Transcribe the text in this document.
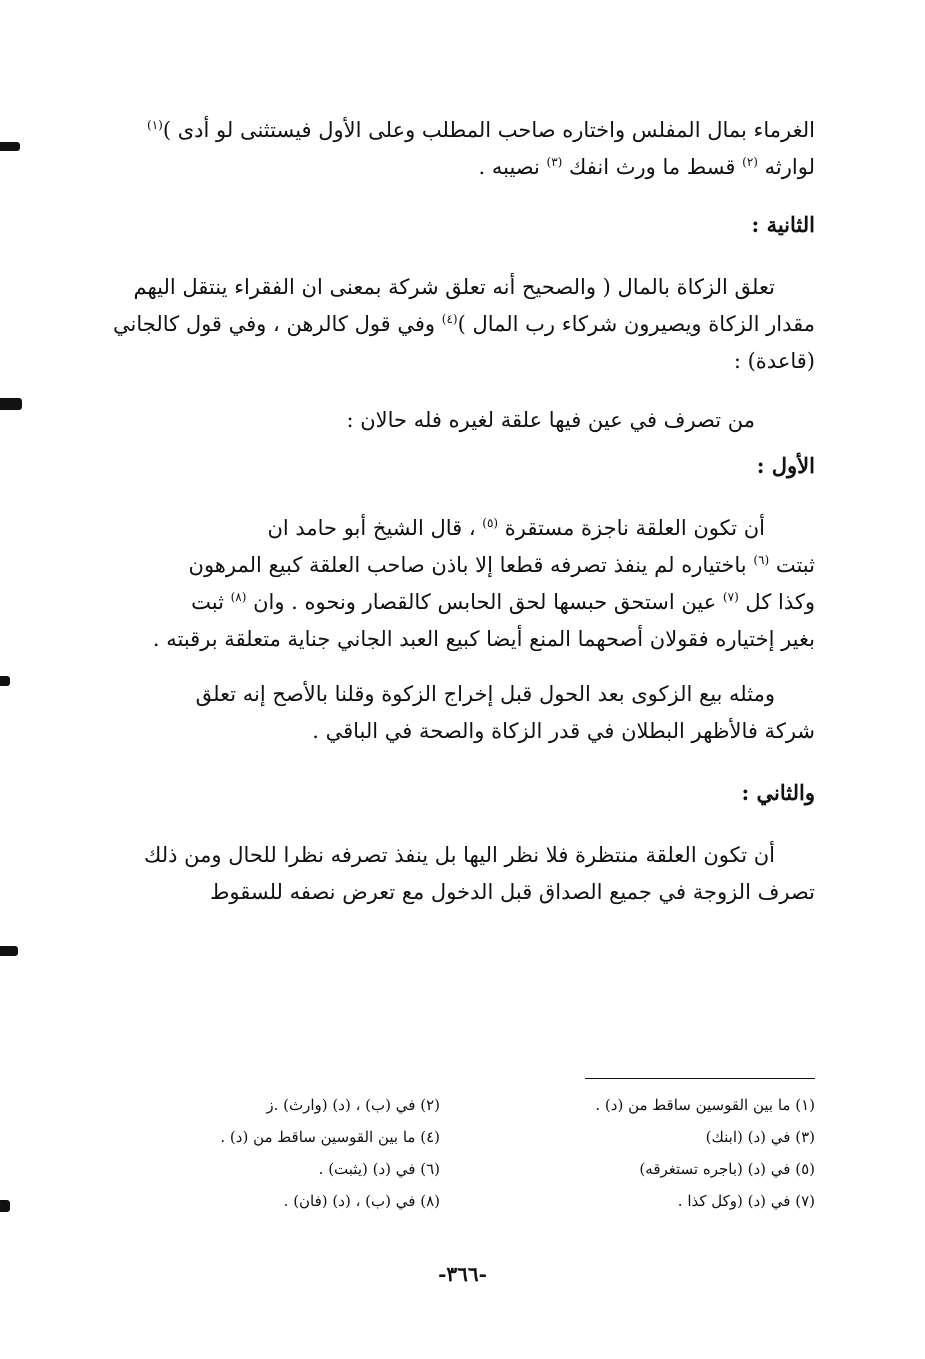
الغرماء بمال المفلس واختاره صاحب المطلب وعلى الأول فيستثنى لو أدى )$^{(١)}$
لوارثه $^{(٢)}$ قسط ما ورث انفك $^{(٣)}$ نصيبه .

الثانية :

تعلق الزكاة بالمال ( والصحيح أنه تعلق شركة بمعنى ان الفقراء ينتقل اليهم

مقدار الزكاة ويصيرون شركاء رب المال )$^{(٤)}$ وفي قول كالرهن ، وفي قول كالجاني
(قاعدة) :

من تصرف في عين فيها علقة لغيره فله حالان :

الأول :

أن تكون العلقة ناجزة مستقرة $^{(٥)}$ ، قال الشيخ أبو حامد ان
ثبتت $^{(٦)}$ باختياره لم ينفذ تصرفه قطعا إلا باذن صاحب العلقة كبيع المرهون
وكذا كل $^{(٧)}$ عين استحق حبسها لحق الحابس كالقصار ونحوه . وان $^{(٨)}$ ثبت
بغير إختياره فقولان أصحهما المنع أيضا كبيع العبد الجاني جناية متعلقة برقبته .

ومثله بيع الزكوى بعد الحول قبل إخراج الزكوة وقلنا بالأصح إنه تعلق
شركة فالأظهر البطلان في قدر الزكاة والصحة في الباقي .

والثاني :

أن تكون العلقة منتظرة فلا نظر اليها بل ينفذ تصرفه نظرا للحال ومن ذلك
تصرف الزوجة في جميع الصداق قبل الدخول مع تعرض نصفه للسقوط

(١) ما بين القوسين ساقط من (د) .
(٢) في (ب) ، (د) (وارث) .ز
(٣) في (د) (ابنك)
(٤) ما بين القوسين ساقط من (د) .
(٥) في (د) (باجره تستغرقه)
(٦) في (د) (يثبت) .
(٧) في (د) (وكل كذا .
(٨) في (ب) ، (د) (فان) .
-٣٦٦-
